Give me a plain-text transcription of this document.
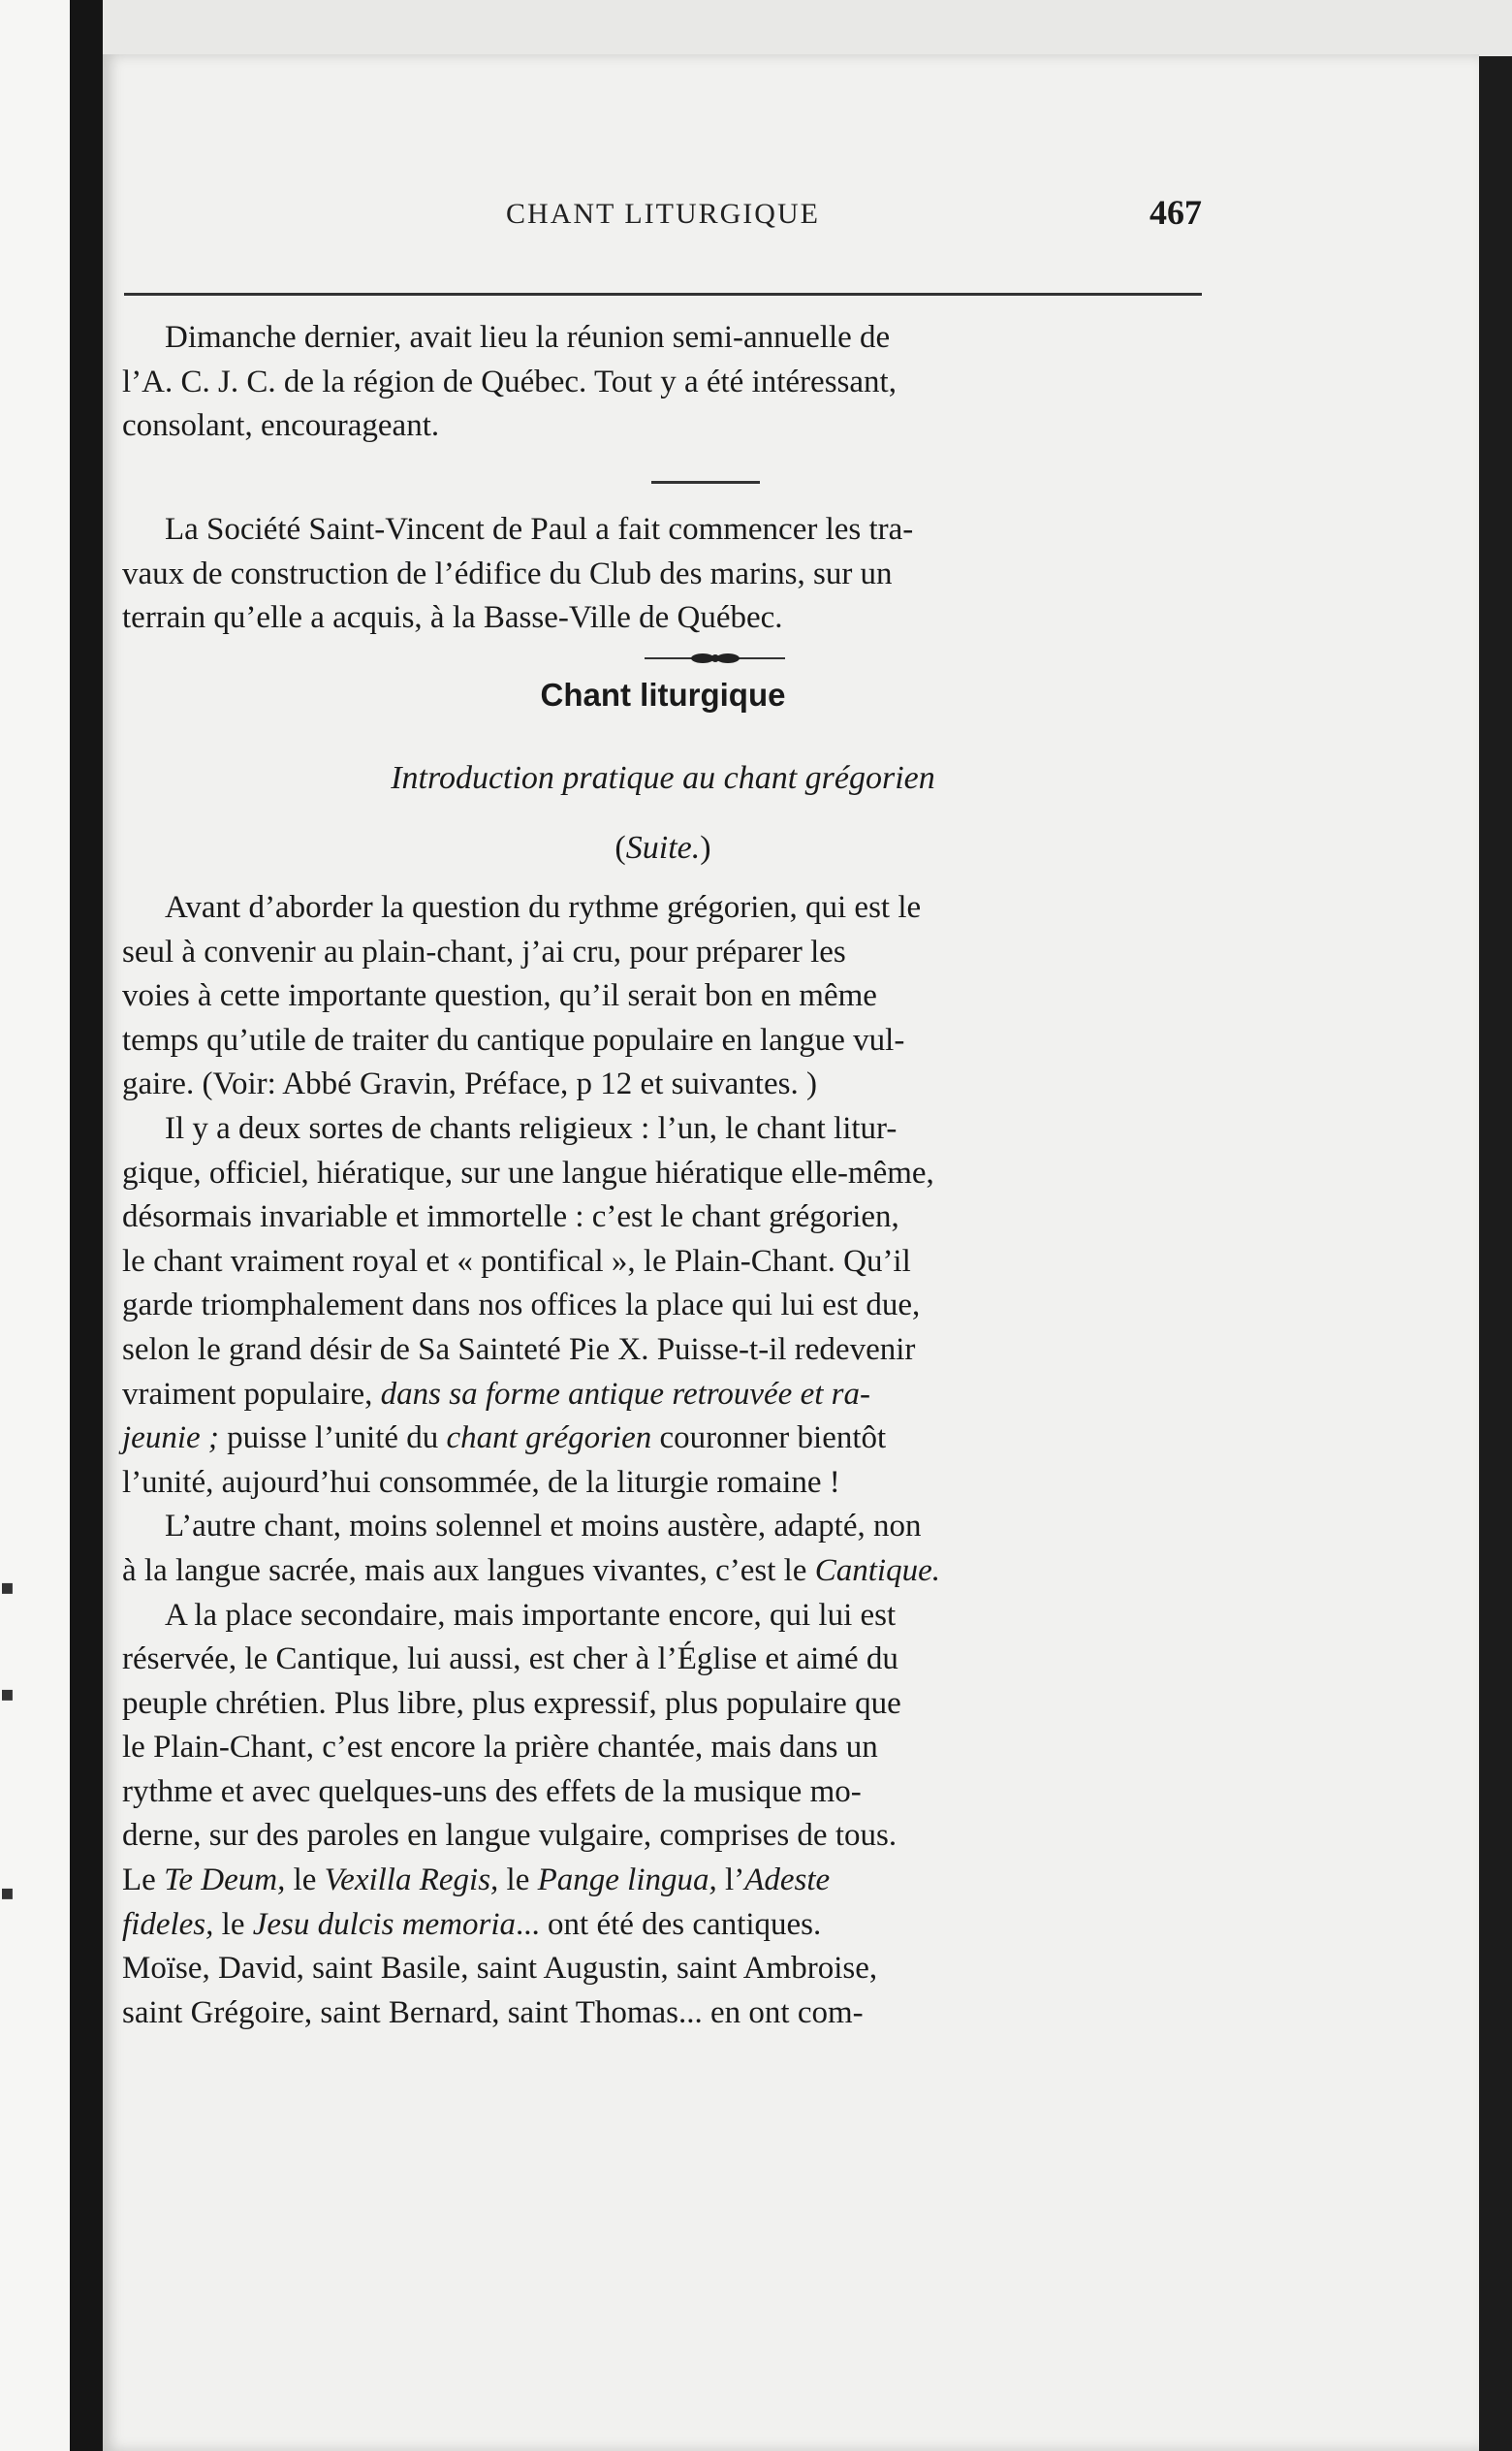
▪
▪
▪
CHANT LITURGIQUE	467

Dimanche dernier, avait lieu la réunion semi-annuelle de

l’A. C. J. C. de la région de Québec. Tout y a été intéressant,

consolant, encourageant.

La Société Saint-Vincent de Paul a fait commencer les tra-

vaux de construction de l’édifice du Club des marins, sur un

terrain qu’elle a acquis, à la Basse-Ville de Québec.

Chant liturgique
Introduction pratique au chant grégorien
(Suite.)

Avant d’aborder la question du rythme grégorien, qui est le

seul à convenir au plain-chant, j’ai cru, pour préparer les

voies à cette importante question, qu’il serait bon en même

temps qu’utile de traiter du cantique populaire en langue vul-

gaire. (Voir: Abbé Gravin, Préface, p 12 et suivantes. )

Il y a deux sortes de chants religieux : l’un, le chant litur-

gique, officiel, hiératique, sur une langue hiératique elle-même,

désormais invariable et immortelle : c’est le chant grégorien,

le chant vraiment royal et « pontifical », le Plain-Chant. Qu’il

garde triomphalement dans nos offices la place qui lui est due,

selon le grand désir de Sa Sainteté Pie X. Puisse-t-il redevenir

vraiment populaire, dans sa forme antique retrouvée et ra-

jeunie ; puisse l’unité du chant grégorien couronner bientôt

l’unité, aujourd’hui consommée, de la liturgie romaine !

L’autre chant, moins solennel et moins austère, adapté, non

à la langue sacrée, mais aux langues vivantes, c’est le Cantique.

A la place secondaire, mais importante encore, qui lui est

réservée, le Cantique, lui aussi, est cher à l’Église et aimé du

peuple chrétien. Plus libre, plus expressif, plus populaire que

le Plain-Chant, c’est encore la prière chantée, mais dans un

rythme et avec quelques-uns des effets de la musique mo-

derne, sur des paroles en langue vulgaire, comprises de tous.

Le Te Deum, le Vexilla Regis, le Pange lingua, l’Adeste

fideles, le Jesu dulcis memoria... ont été des cantiques.

Moïse, David, saint Basile, saint Augustin, saint Ambroise,

saint Grégoire, saint Bernard, saint Thomas... en ont com-
